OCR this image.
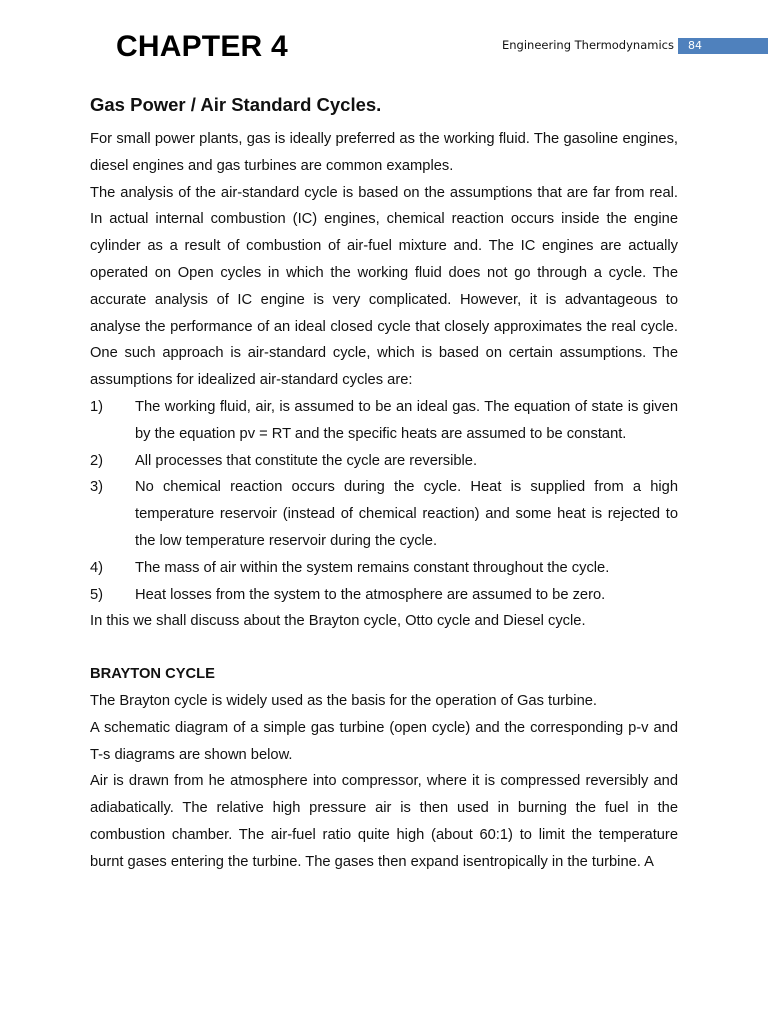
CHAPTER 4	Engineering Thermodynamics	84
Gas Power / Air Standard Cycles.

For small power plants, gas is ideally preferred as the working fluid. The gasoline engines, diesel engines and gas turbines are common examples.

The analysis of the air-standard cycle is based on the assumptions that are far from real. In actual internal combustion (IC) engines, chemical reaction occurs inside the engine cylinder as a result of combustion of air-fuel mixture and. The IC engines are actually operated on Open cycles in which the working fluid does not go through a cycle. The accurate analysis of IC engine is very complicated. However, it is advantageous to analyse the performance of an ideal closed cycle that closely approximates the real cycle. One such approach is air-standard cycle, which is based on certain assumptions. The assumptions for idealized air-standard cycles are:

1)	The working fluid, air, is assumed to be an ideal gas. The equation of state is given by the equation pv = RT and the specific heats are assumed to be constant.
2)	All processes that constitute the cycle are reversible.
3)	No chemical reaction occurs during the cycle. Heat is supplied from a high temperature reservoir (instead of chemical reaction) and some heat is rejected to the low temperature reservoir during the cycle.
4)	The mass of air within the system remains constant throughout the cycle.
5)	Heat losses from the system to the atmosphere are assumed to be zero.

In this we shall discuss about the Brayton cycle, Otto cycle and Diesel cycle.

BRAYTON CYCLE

The Brayton cycle is widely used as the basis for the operation of Gas turbine.

A schematic diagram of a simple gas turbine (open cycle) and the corresponding p-v and T-s diagrams are shown below.

Air is drawn from he atmosphere into compressor, where it is compressed reversibly and adiabatically. The relative high pressure air is then used in burning the fuel in the combustion chamber. The air-fuel ratio quite high (about 60:1) to limit the temperature burnt gases entering the turbine. The gases then expand isentropically in the turbine. A
